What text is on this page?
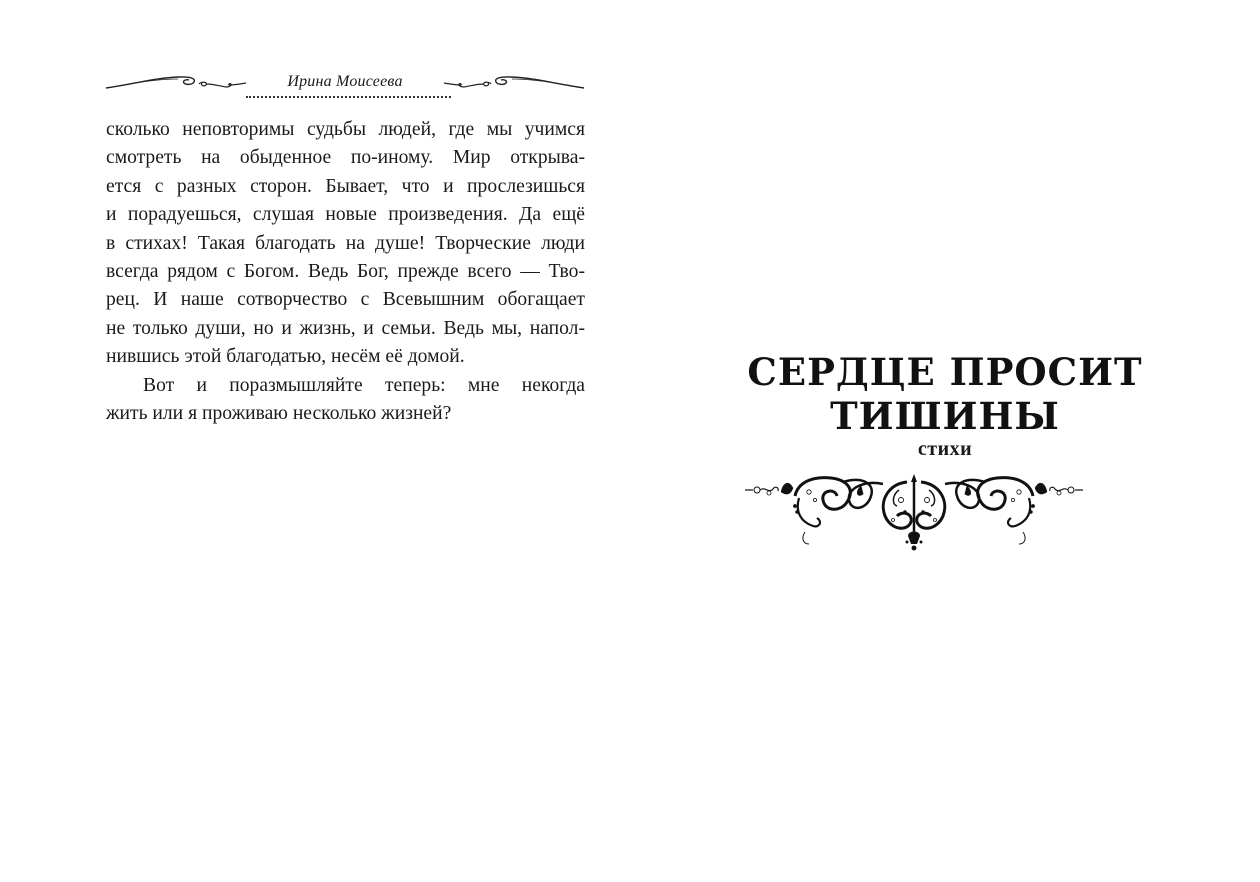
Ирина Моисеева

сколько неповторимы судьбы людей, где мы учимся
смотреть на обыденное по-иному. Мир открыва-
ется с разных сторон. Бывает, что и прослезишься
и порадуешься, слушая новые произведения. Да ещё
в стихах! Такая благодать на душе! Творческие люди
всегда рядом с Богом. Ведь Бог, прежде всего — Тво-
рец. И наше сотворчество с Всевышним обогащает
не только души, но и жизнь, и семьи. Ведь мы, напол-
нившись этой благодатью, несём её домой.

Вот и поразмышляйте теперь: мне некогда
жить или я проживаю несколько жизней?

СЕРДЦЕ ПРОСИТ
ТИШИНЫ
стихи
